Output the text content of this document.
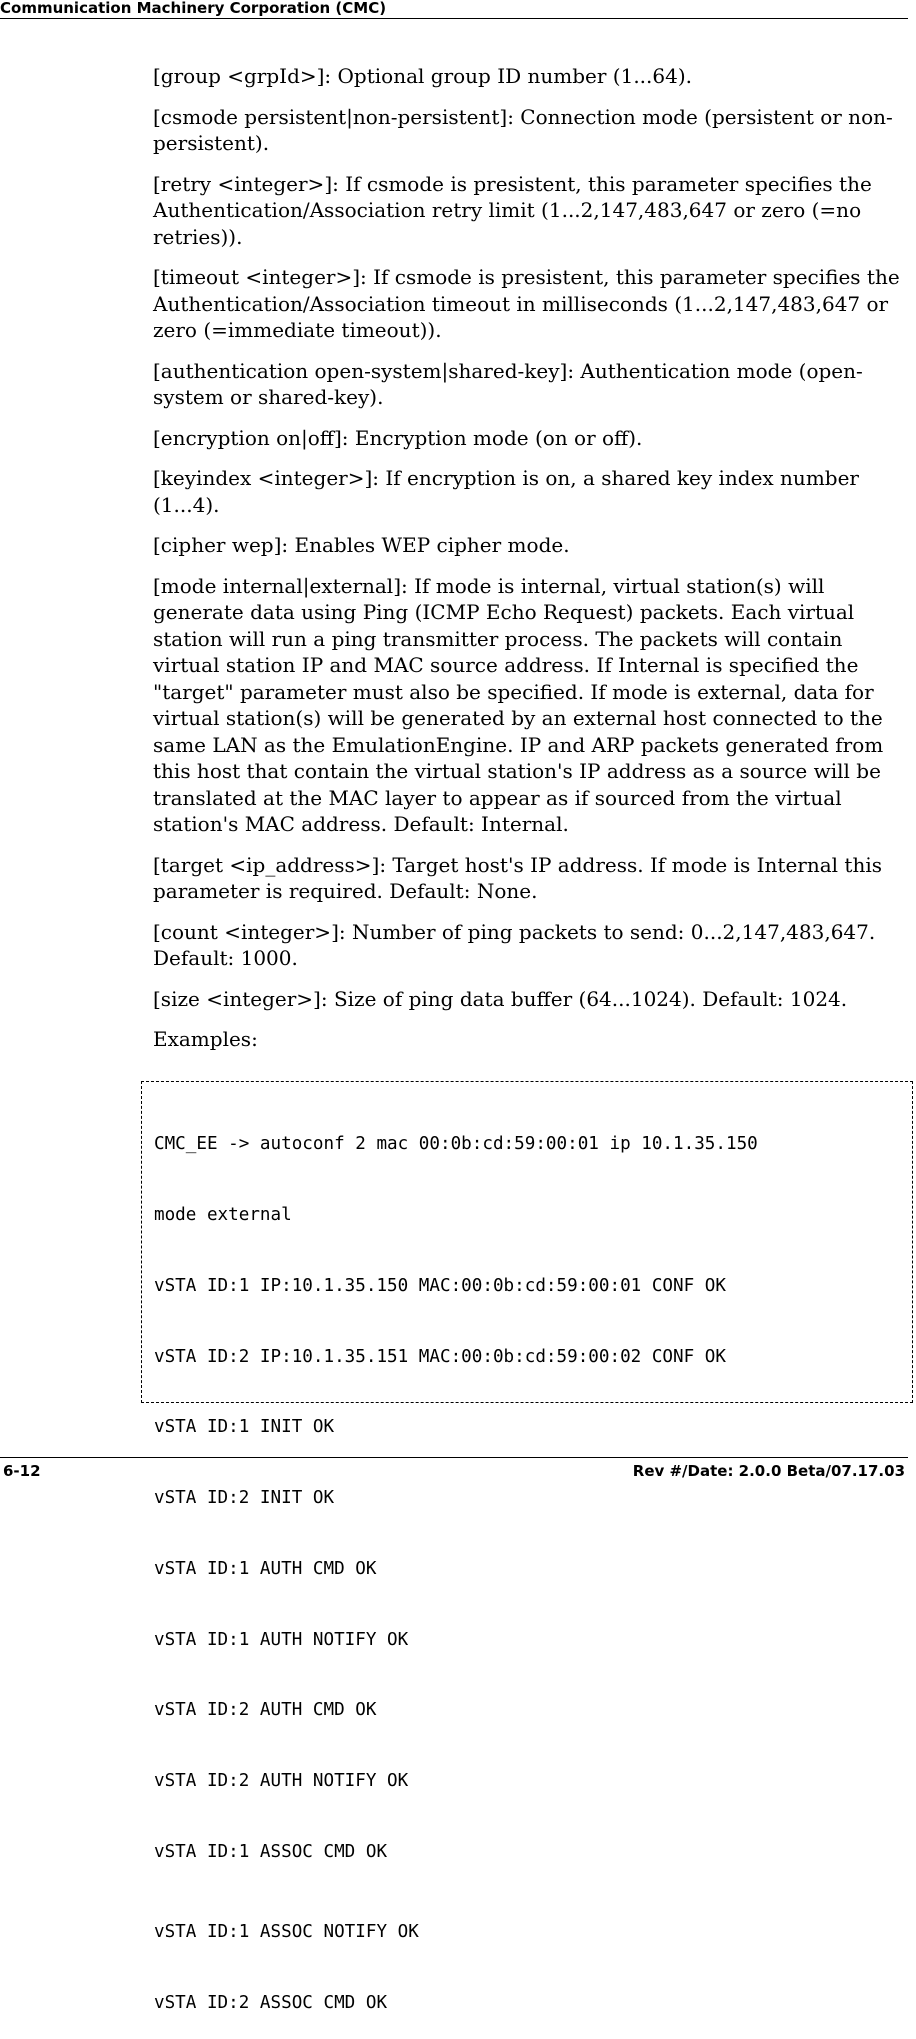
Communication Machinery Corporation (CMC)

[group <grpId>]: Optional group ID number (1...64).

[csmode persistent|non-persistent]: Connection mode (persistent or non-persistent).

[retry <integer>]: If csmode is presistent, this parameter specifies the Authentication/Association retry limit (1...2,147,483,647 or zero (=no retries)).

[timeout <integer>]: If csmode is presistent, this parameter specifies the Authentication/Association timeout in milliseconds (1...2,147,483,647 or zero (=immediate timeout)).

[authentication open-system|shared-key]: Authentication mode (open-system or shared-key).

[encryption on|off]: Encryption mode (on or off).

[keyindex <integer>]: If encryption is on, a shared key index number (1...4).

[cipher wep]: Enables WEP cipher mode.

[mode internal|external]: If mode is internal, virtual station(s) will generate data using Ping (ICMP Echo Request) packets. Each virtual station will run a ping transmitter process. The packets will contain virtual station IP and MAC source address. If Internal is specified the "target" parameter must also be specified. If mode is external, data for virtual station(s) will be generated by an external host connected to the same LAN as the EmulationEngine. IP and ARP packets generated from this host that contain the virtual station's IP address as a source will be translated at the MAC layer to appear as if sourced from the virtual station's MAC address. Default: Internal.

[target <ip_address>]: Target host's IP address. If mode is Internal this parameter is required. Default: None.

[count <integer>]: Number of ping packets to send: 0...2,147,483,647. Default: 1000.

[size <integer>]: Size of ping data buffer (64...1024). Default: 1024.

Examples:

CMC_EE -> autoconf 2 mac 00:0b:cd:59:00:01 ip 10.1.35.150

mode external

vSTA ID:1 IP:10.1.35.150 MAC:00:0b:cd:59:00:01 CONF OK

vSTA ID:2 IP:10.1.35.151 MAC:00:0b:cd:59:00:02 CONF OK

vSTA ID:1 INIT OK

vSTA ID:2 INIT OK

vSTA ID:1 AUTH CMD OK

vSTA ID:1 AUTH NOTIFY OK

vSTA ID:2 AUTH CMD OK

vSTA ID:2 AUTH NOTIFY OK

vSTA ID:1 ASSOC CMD OK

vSTA ID:1 ASSOC NOTIFY OK

vSTA ID:2 ASSOC CMD OK

6-12	Rev #/Date: 2.0.0 Beta/07.17.03
